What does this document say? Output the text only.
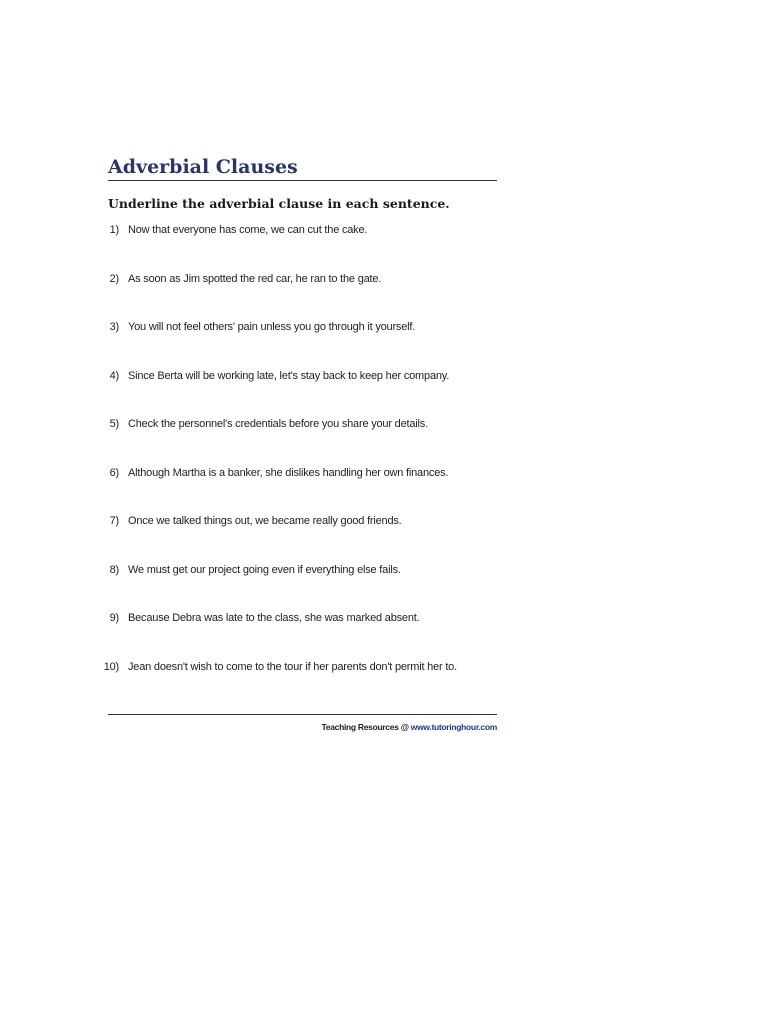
Adverbial Clauses
Underline the adverbial clause in each sentence.
1) Now that everyone has come, we can cut the cake.
2) As soon as Jim spotted the red car, he ran to the gate.
3) You will not feel others' pain unless you go through it yourself.
4) Since Berta will be working late, let's stay back to keep her company.
5) Check the personnel's credentials before you share your details.
6) Although Martha is a banker, she dislikes handling her own finances.
7) Once we talked things out, we became really good friends.
8) We must get our project going even if everything else fails.
9) Because Debra was late to the class, she was marked absent.
10) Jean doesn't wish to come to the tour if her parents don't permit her to.
Teaching Resources @ www.tutoringhour.com
